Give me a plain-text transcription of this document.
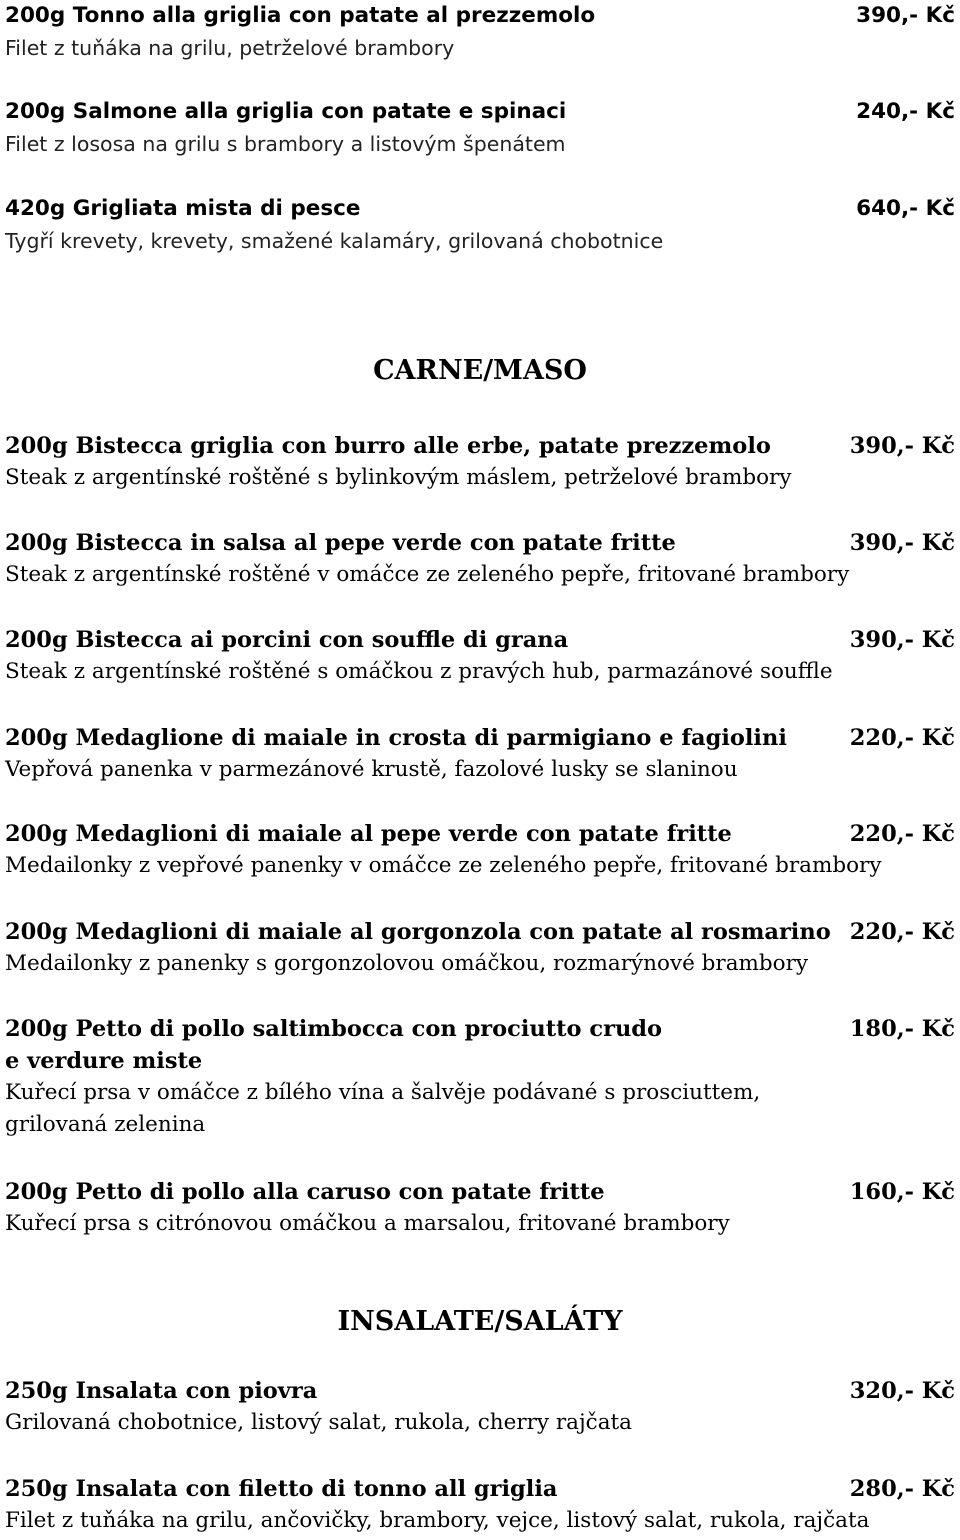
200g Tonno alla griglia con patate al prezzemolo	390,- Kč
Filet z tuňáka na grilu, petrželové brambory
200g Salmone alla griglia con patate e spinaci	240,- Kč
Filet z lososa na grilu s brambory a listovým špenátem
420g Grigliata mista di pesce	640,- Kč
Tygří krevety, krevety, smažené kalamáry, grilovaná chobotnice
CARNE/MASO
200g Bistecca griglia con burro alle erbe, patate prezzemolo	390,- Kč
Steak z argentínské roštěné s bylinkovým máslem, petrželové brambory
200g Bistecca in salsa al pepe verde con patate fritte	390,- Kč
Steak z argentínské roštěné v omáčce ze zeleného pepře, fritované brambory
200g Bistecca ai porcini con souffle di grana	390,- Kč
Steak z argentínské roštěné s omáčkou z pravých hub, parmazánové souffle
200g Medaglione di maiale in crosta di parmigiano e fagiolini	220,- Kč
Vepřová panenka v parmezánové krustě, fazolové lusky se slaninou
200g Medaglioni di maiale al pepe verde con patate fritte	220,- Kč
Medailonky z vepřové panenky v omáčce ze zeleného pepře, fritované brambory
200g Medaglioni di maiale al gorgonzola con patate al rosmarino 220,- Kč
Medailonky z panenky s gorgonzolovou omáčkou, rozmarýnové brambory
200g Petto di pollo saltimbocca con prociutto crudo	180,- Kč
e verdure miste
Kuřecí prsa v omáčce z bílého vína a šalvěje podávané s prosciuttem,
grilovaná zelenina
200g Petto di pollo alla caruso con patate fritte	160,- Kč
Kuřecí prsa s citrónovou omáčkou a marsalou, fritované brambory
INSALATE/SALÁTY
250g Insalata con piovra	320,- Kč
Grilovaná chobotnice, listový salat, rukola, cherry rajčata
250g Insalata con filetto di tonno all griglia	280,- Kč
Filet z tuňáka na grilu, ančovičky, brambory, vejce, listový salat, rukola, rajčata
